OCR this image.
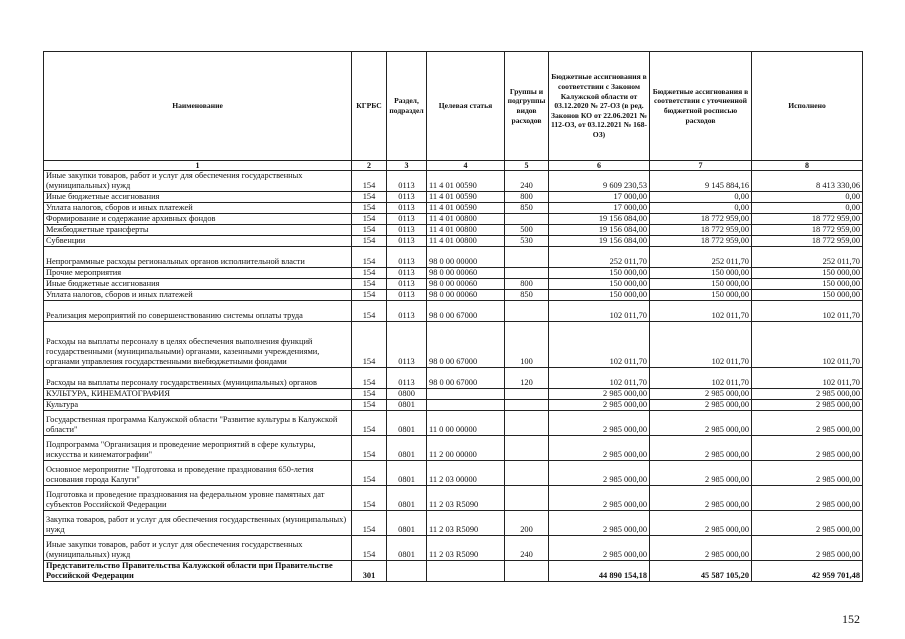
Наименование	КГРБС	Раздел, подраздел	Целевая статья	Группы и подгруппы видов расходов	Бюджетные ассигнования в соответствии с Законом Калужской области от 03.12.2020 № 27-ОЗ (в ред. Законов КО от 22.06.2021 № 112-ОЗ, от 03.12.2021 № 168-ОЗ)	Бюджетные ассигнования в соответствии с уточненной бюджетной росписью расходов	Исполнено
1	2	3	4	5	6	7	8
Иные закупки товаров, работ и услуг для обеспечения государственных (муниципальных) нужд	154	0113	11 4 01 00590	240	9 609 230,53	9 145 884,16	8 413 330,06
Иные бюджетные ассигнования	154	0113	11 4 01 00590	800	17 000,00	0,00	0,00
Уплата налогов, сборов и иных платежей	154	0113	11 4 01 00590	850	17 000,00	0,00	0,00
Формирование и содержание архивных фондов	154	0113	11 4 01 00800		19 156 084,00	18 772 959,00	18 772 959,00
Межбюджетные трансферты	154	0113	11 4 01 00800	500	19 156 084,00	18 772 959,00	18 772 959,00
Субвенции	154	0113	11 4 01 00800	530	19 156 084,00	18 772 959,00	18 772 959,00
Непрограммные расходы региональных органов исполнительной власти	154	0113	98 0 00 00000		252 011,70	252 011,70	252 011,70
Прочие мероприятия	154	0113	98 0 00 00060		150 000,00	150 000,00	150 000,00
Иные бюджетные ассигнования	154	0113	98 0 00 00060	800	150 000,00	150 000,00	150 000,00
Уплата налогов, сборов и иных платежей	154	0113	98 0 00 00060	850	150 000,00	150 000,00	150 000,00
Реализация мероприятий по совершенствованию системы оплаты труда	154	0113	98 0 00 67000		102 011,70	102 011,70	102 011,70
Расходы на выплаты персоналу в целях обеспечения выполнения функций государственными (муниципальными) органами, казенными учреждениями, органами управления государственными внебюджетными фондами	154	0113	98 0 00 67000	100	102 011,70	102 011,70	102 011,70
Расходы на выплаты персоналу государственных (муниципальных) органов	154	0113	98 0 00 67000	120	102 011,70	102 011,70	102 011,70
КУЛЬТУРА, КИНЕМАТОГРАФИЯ	154	0800			2 985 000,00	2 985 000,00	2 985 000,00
Культура	154	0801			2 985 000,00	2 985 000,00	2 985 000,00
Государственная программа Калужской области "Развитие культуры в Калужской области"	154	0801	11 0 00 00000		2 985 000,00	2 985 000,00	2 985 000,00
Подпрограмма "Организация и проведение мероприятий в сфере культуры, искусства и кинематографии"	154	0801	11 2 00 00000		2 985 000,00	2 985 000,00	2 985 000,00
Основное мероприятие "Подготовка и проведение празднования 650-летия основания города Калуги"	154	0801	11 2 03 00000		2 985 000,00	2 985 000,00	2 985 000,00
Подготовка и проведение празднования на федеральном уровне памятных дат субъектов Российской Федерации	154	0801	11 2 03 R5090		2 985 000,00	2 985 000,00	2 985 000,00
Закупка товаров, работ и услуг для обеспечения государственных (муниципальных) нужд	154	0801	11 2 03 R5090	200	2 985 000,00	2 985 000,00	2 985 000,00
Иные закупки товаров, работ и услуг для обеспечения государственных (муниципальных) нужд	154	0801	11 2 03 R5090	240	2 985 000,00	2 985 000,00	2 985 000,00
Представительство Правительства Калужской области при Правительстве Российской Федерации	301				44 890 154,18	45 587 105,20	42 959 701,48
152
